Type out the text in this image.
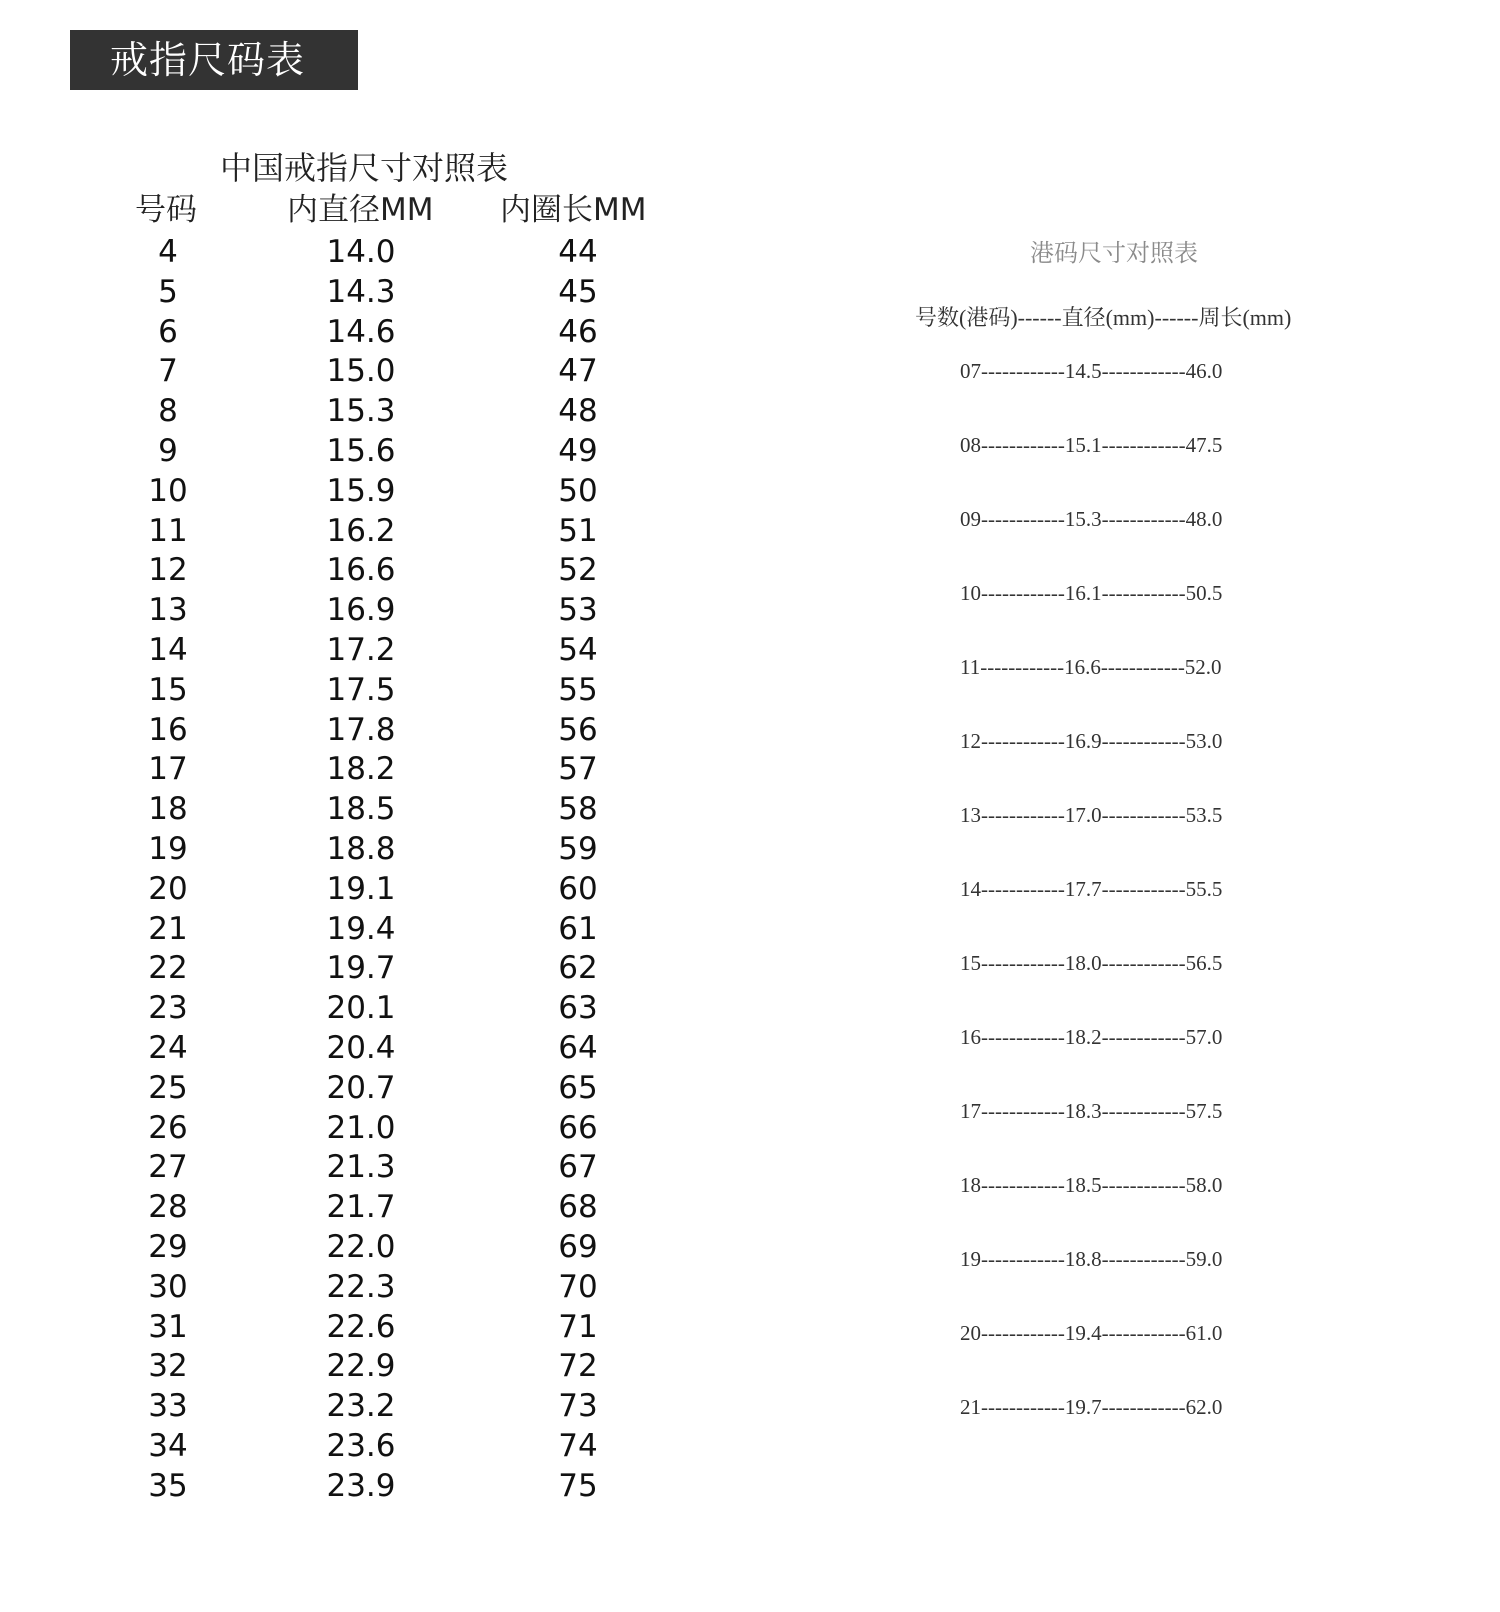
戒指尺码表
中国戒指尺寸对照表
号码	内直径MM 内圈长MM
4	14.0	44
5	14.3	45
6	14.6	46
7	15.0	47
8	15.3	48
9	15.6	49
10	15.9	50
11	16.2	51
12	16.6	52
13	16.9	53
14	17.2	54
15	17.5	55
16	17.8	56
17	18.2	57
18	18.5	58
19	18.8	59
20	19.1	60
21	19.4	61
22	19.7	62
23	20.1	63
24	20.4	64
25	20.7	65
26	21.0	66
27	21.3	67
28	21.7	68
29	22.0	69
30	22.3	70
31	22.6	71
32	22.9	72
33	23.2	73
34	23.6	74
35	23.9	75
港码尺寸对照表
号数(港码)------直径(mm)------周长(mm)
07------------14.5------------46.0
08------------15.1------------47.5
09------------15.3------------48.0
10------------16.1------------50.5
11------------16.6------------52.0
12------------16.9------------53.0
13------------17.0------------53.5
14------------17.7------------55.5
15------------18.0------------56.5
16------------18.2------------57.0
17------------18.3------------57.5
18------------18.5------------58.0
19------------18.8------------59.0
20------------19.4------------61.0
21------------19.7------------62.0
